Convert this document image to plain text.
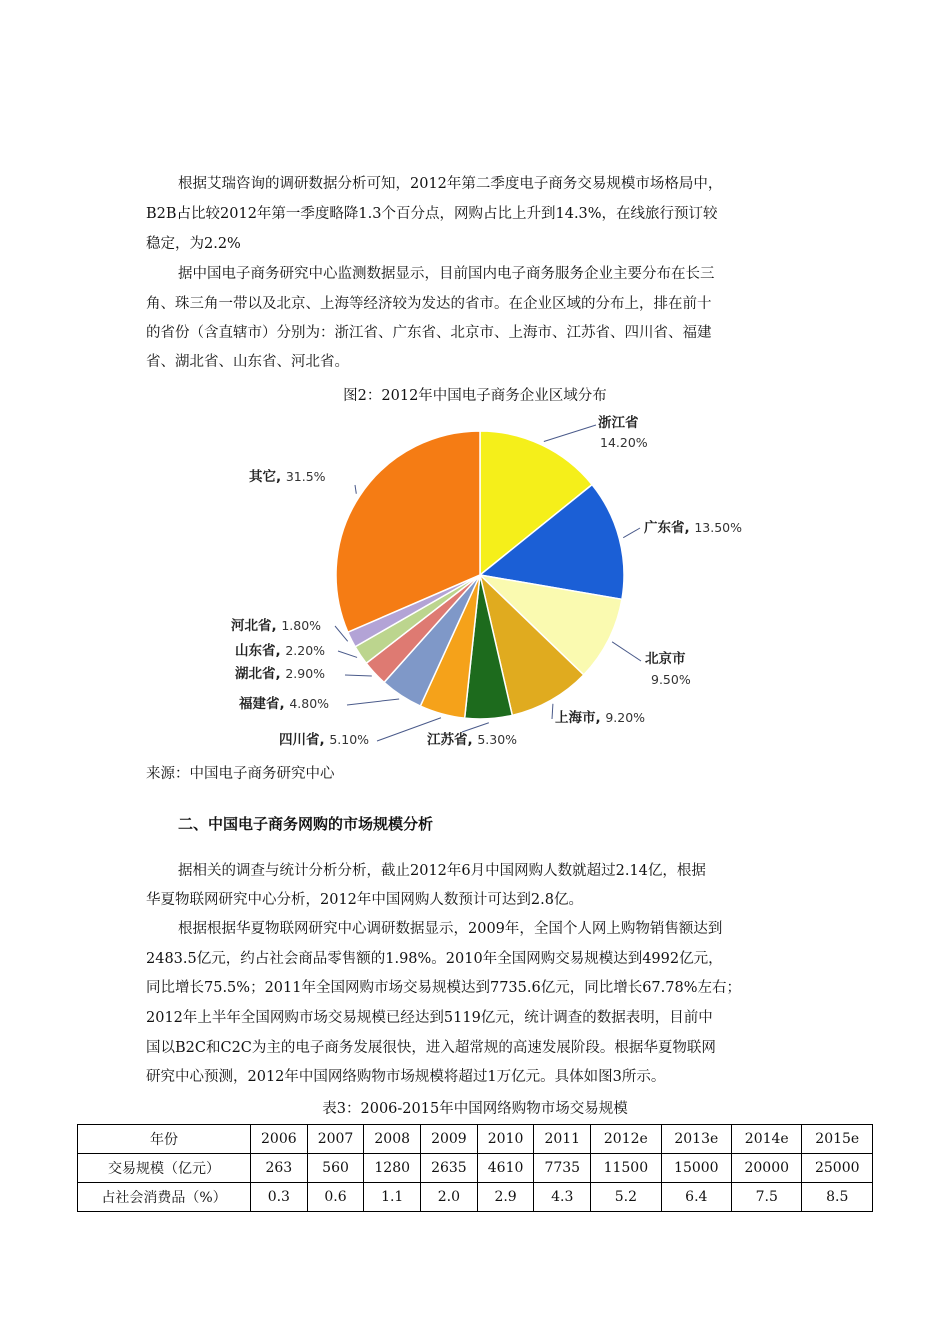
根据艾瑞咨询的调研数据分析可知，2012年第二季度电子商务交易规模市场格局中，

B2B占比较2012年第一季度略降1.3个百分点，网购占比上升到14.3%，在线旅行预订较

稳定，为2.2%

据中国电子商务研究中心监测数据显示，目前国内电子商务服务企业主要分布在长三

角、珠三角一带以及北京、上海等经济较为发达的省市。在企业区域的分布上，排在前十

的省份（含直辖市）分别为：浙江省、广东省、北京市、上海市、江苏省、四川省、福建

省、湖北省、山东省、河北省。

图2：2012年中国电子商务企业区域分布
浙江省
14.20%
广东省, 13.50%
北京市
9.50%
上海市, 9.20%
江苏省, 5.30%
四川省, 5.10%
福建省, 4.80%
湖北省, 2.90%
山东省, 2.20%
河北省, 1.80%
其它, 31.5%
来源：中国电子商务研究中心
二、中国电子商务网购的市场规模分析

据相关的调查与统计分析分析，截止2012年6月中国网购人数就超过2.14亿，根据

华夏物联网研究中心分析，2012年中国网购人数预计可达到2.8亿。

根据根据华夏物联网研究中心调研数据显示，2009年，全国个人网上购物销售额达到

2483.5亿元，约占社会商品零售额的1.98%。2010年全国网购交易规模达到4992亿元，

同比增长75.5%；2011年全国网购市场交易规模达到7735.6亿元，同比增长67.78%左右；

2012年上半年全国网购市场交易规模已经达到5119亿元，统计调查的数据表明，目前中

国以B2C和C2C为主的电子商务发展很快，进入超常规的高速发展阶段。根据华夏物联网

研究中心预测，2012年中国网络购物市场规模将超过1万亿元。具体如图3所示。

表3：2006-2015年中国网络购物市场交易规模
年份	2006	2007	2008	2009	2010	2011	2012e	2013e	2014e	2015e
交易规模（亿元）	263	560	1280	2635	4610	7735	11500	15000	20000	25000
占社会消费品（%）	0.3	0.6	1.1	2.0	2.9	4.3	5.2	6.4	7.5	8.5
